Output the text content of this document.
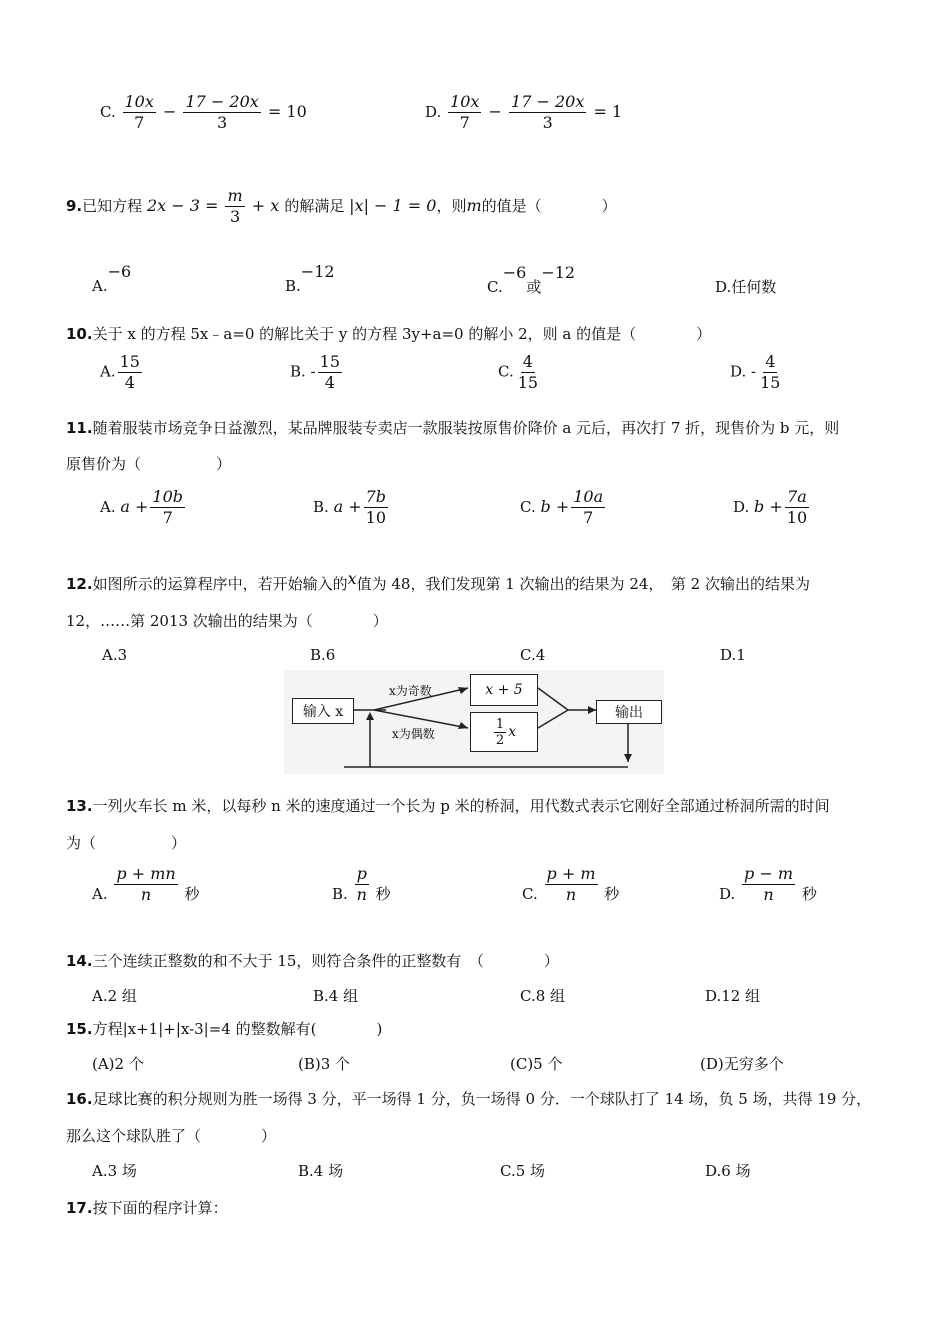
C. $\frac{10x}{7} - \frac{17 - 20x}{3} = 10$	D. $\frac{10x}{7} - \frac{17 - 20x}{3} = 1$
9.已知方程 $2x - 3 = \frac{m}{3} + x$ 的解满足 |x| − 1 = 0，则m的值是（　　　　）
A.−6
B.−12
C.−6或−12
D.任何数
10.关于 x 的方程 5x﹣a=0 的解比关于 y 的方程 3y+a=0 的解小 2，则 a 的值是（　　　　）
A. $\frac{15}{4}$	B. - $\frac{15}{4}$	C. $\frac{4}{15}$	D. - $\frac{4}{15}$
11.随着服装市场竞争日益激烈，某品牌服装专卖店一款服装按原售价降价 a 元后，再次打 7 折，现售价为 b 元，则
原售价为（　　　　　）
A. $a + \frac{10b}{7}$	B. $a + \frac{7b}{10}$	C. $b + \frac{10a}{7}$	D. $b + \frac{7a}{10}$
12.如图所示的运算程序中，若开始输入的x值为 48，我们发现第 1 次输出的结果为 24，　第 2 次输出的结果为
12，……第 2013 次输出的结果为（　　　　）
A.3	B.6	C.4	D.1
输入 x
x为奇数
x为偶数
x + 5
$\frac{1}{2}$ x
输出
13.一列火车长 m 米，以每秒 n 米的速度通过一个长为 p 米的桥洞，用代数式表示它刚好全部通过桥洞所需的时间
为（　　　　　）
A. $\frac{p + mn}{n}$ 秒	B. $\frac{p}{n}$ 秒	C. $\frac{p + m}{n}$ 秒	D. $\frac{p - m}{n}$ 秒
14.三个连续正整数的和不大于 15，则符合条件的正整数有　（　　　　）
A.2 组	B.4 组	C.8 组	D.12 组
15.方程|x+1|+|x-3|=4 的整数解有(　　　　)
(A)2 个	(B)3 个	(C)5 个	(D)无穷多个
16.足球比赛的积分规则为胜一场得 3 分，平一场得 1 分，负一场得 0 分．一个球队打了 14 场，负 5 场，共得 19 分，
那么这个球队胜了（　　　　）
A.3 场	B.4 场	C.5 场	D.6 场
17.按下面的程序计算：
